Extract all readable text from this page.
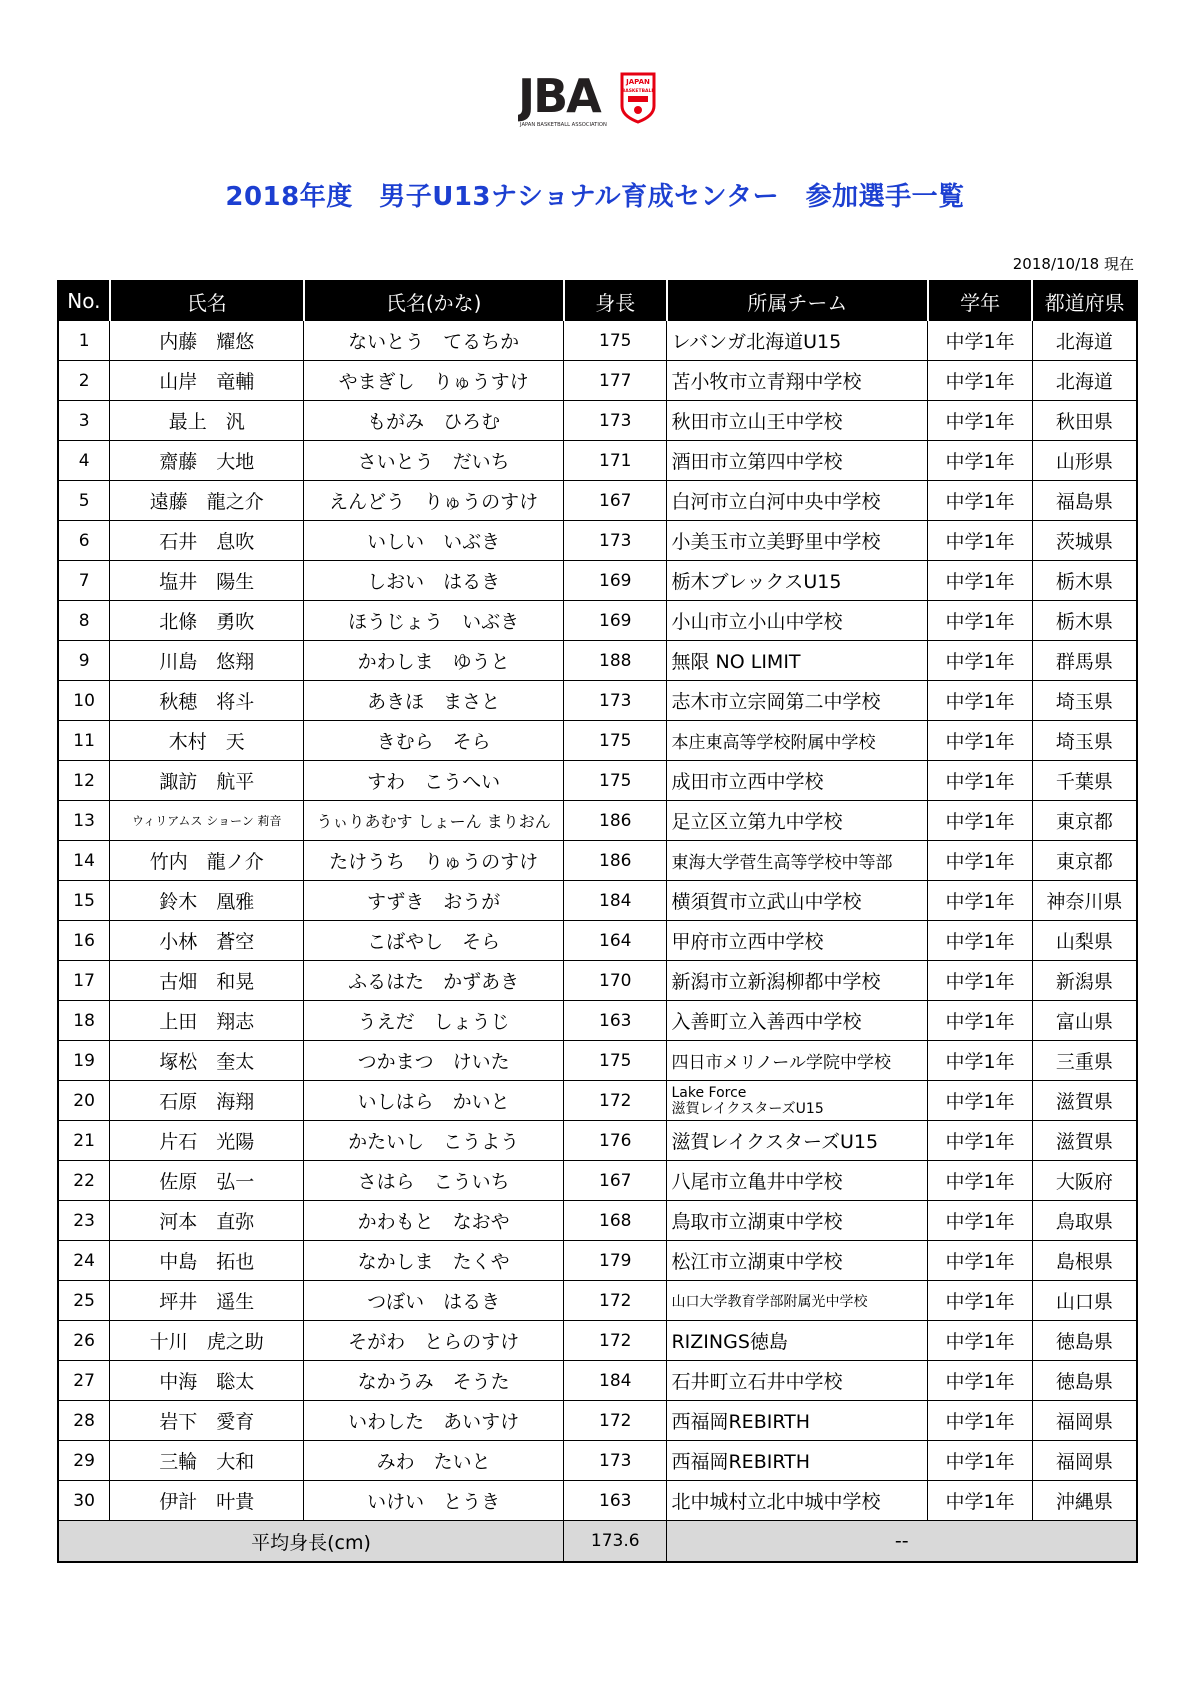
JBA	JAPAN
BASKETBALL
JAPAN BASKETBALL ASSOCIATION
2018年度　男子U13ナショナル育成センター　参加選手一覧
2018/10/18 現在
No.	氏名	氏名(かな)	身長	所属チーム	学年	都道府県
1	内藤　耀悠	ないとう　てるちか	175	レバンガ北海道U15	中学1年	北海道
2	山岸　竜輔	やまぎし　りゅうすけ	177	苫小牧市立青翔中学校	中学1年	北海道
3	最上　汎	もがみ　ひろむ	173	秋田市立山王中学校	中学1年	秋田県
4	齋藤　大地	さいとう　だいち	171	酒田市立第四中学校	中学1年	山形県
5	遠藤　龍之介	えんどう　りゅうのすけ	167	白河市立白河中央中学校	中学1年	福島県
6	石井　息吹	いしい　いぶき	173	小美玉市立美野里中学校	中学1年	茨城県
7	塩井　陽生	しおい　はるき	169	栃木ブレックスU15	中学1年	栃木県
8	北條　勇吹	ほうじょう　いぶき	169	小山市立小山中学校	中学1年	栃木県
9	川島　悠翔	かわしま　ゆうと	188	無限 NO LIMIT	中学1年	群馬県
10	秋穂　将斗	あきほ　まさと	173	志木市立宗岡第二中学校	中学1年	埼玉県
11	木村　天	きむら　そら	175	本庄東高等学校附属中学校	中学1年	埼玉県
12	諏訪　航平	すわ　こうへい	175	成田市立西中学校	中学1年	千葉県
13	ウィリアムス ショーン 莉音	うぃりあむす しょーん まりおん	186	足立区立第九中学校	中学1年	東京都
14	竹内　龍ノ介	たけうち　りゅうのすけ	186	東海大学菅生高等学校中等部	中学1年	東京都
15	鈴木　凰雅	すずき　おうが	184	横須賀市立武山中学校	中学1年	神奈川県
16	小林　蒼空	こばやし　そら	164	甲府市立西中学校	中学1年	山梨県
17	古畑　和晃	ふるはた　かずあき	170	新潟市立新潟柳都中学校	中学1年	新潟県
18	上田　翔志	うえだ　しょうじ	163	入善町立入善西中学校	中学1年	富山県
19	塚松　奎太	つかまつ　けいた	175	四日市メリノール学院中学校	中学1年	三重県
20	石原　海翔	いしはら　かいと	172	Lake Force
滋賀レイクスターズU15	中学1年	滋賀県
21	片石　光陽	かたいし　こうよう	176	滋賀レイクスターズU15	中学1年	滋賀県
22	佐原　弘一	さはら　こういち	167	八尾市立亀井中学校	中学1年	大阪府
23	河本　直弥	かわもと　なおや	168	鳥取市立湖東中学校	中学1年	鳥取県
24	中島　拓也	なかしま　たくや	179	松江市立湖東中学校	中学1年	島根県
25	坪井　遥生	つぼい　はるき	172	山口大学教育学部附属光中学校	中学1年	山口県
26	十川　虎之助	そがわ　とらのすけ	172	RIZINGS徳島	中学1年	徳島県
27	中海　聡太	なかうみ　そうた	184	石井町立石井中学校	中学1年	徳島県
28	岩下　愛育	いわした　あいすけ	172	西福岡REBIRTH	中学1年	福岡県
29	三輪　大和	みわ　たいと	173	西福岡REBIRTH	中学1年	福岡県
30	伊計　叶貴	いけい　とうき	163	北中城村立北中城中学校	中学1年	沖縄県
平均身長(cm)			173.6	--		
